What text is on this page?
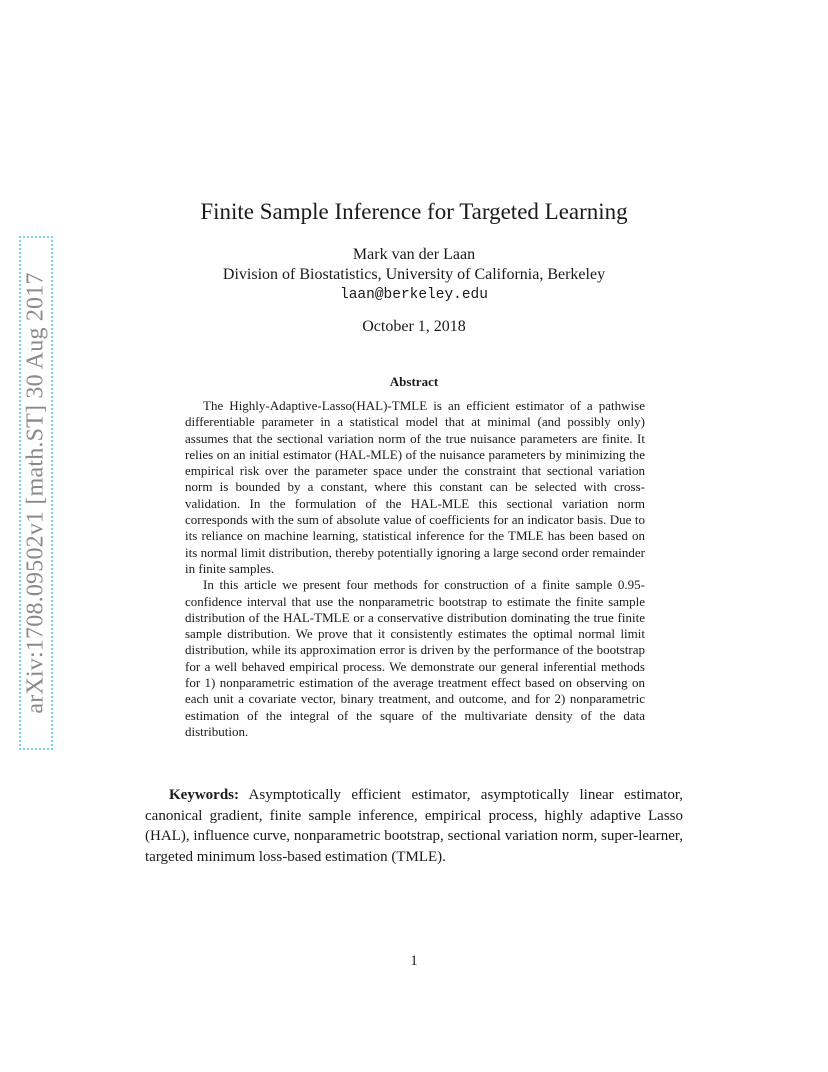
arXiv:1708.09502v1 [math.ST] 30 Aug 2017
Finite Sample Inference for Targeted Learning
Mark van der Laan
Division of Biostatistics, University of California, Berkeley
laan@berkeley.edu
October 1, 2018
Abstract

The Highly-Adaptive-Lasso(HAL)-TMLE is an efficient estimator of a pathwise differentiable parameter in a statistical model that at minimal (and possibly only) assumes that the sectional variation norm of the true nuisance parameters are finite. It relies on an initial estimator (HAL-MLE) of the nuisance parameters by minimizing the empirical risk over the parameter space under the constraint that sectional variation norm is bounded by a constant, where this constant can be selected with cross-validation. In the formulation of the HAL-MLE this sectional variation norm corresponds with the sum of absolute value of coefficients for an indicator basis. Due to its reliance on machine learning, statistical inference for the TMLE has been based on its normal limit distribution, thereby potentially ignoring a large second order remainder in finite samples.

In this article we present four methods for construction of a finite sample 0.95-confidence interval that use the nonparametric bootstrap to estimate the finite sample distribution of the HAL-TMLE or a conservative distribution dominating the true finite sample distribution. We prove that it consistently estimates the optimal normal limit distribution, while its approximation error is driven by the performance of the bootstrap for a well behaved empirical process. We demonstrate our general inferential methods for 1) nonparametric estimation of the average treatment effect based on observing on each unit a covariate vector, binary treatment, and outcome, and for 2) nonparametric estimation of the integral of the square of the multivariate density of the data distribution.

Keywords: Asymptotically efficient estimator, asymptotically linear estimator, canonical gradient, finite sample inference, empirical process, highly adaptive Lasso (HAL), influence curve, nonparametric bootstrap, sectional variation norm, super-learner, targeted minimum loss-based estimation (TMLE).
1
